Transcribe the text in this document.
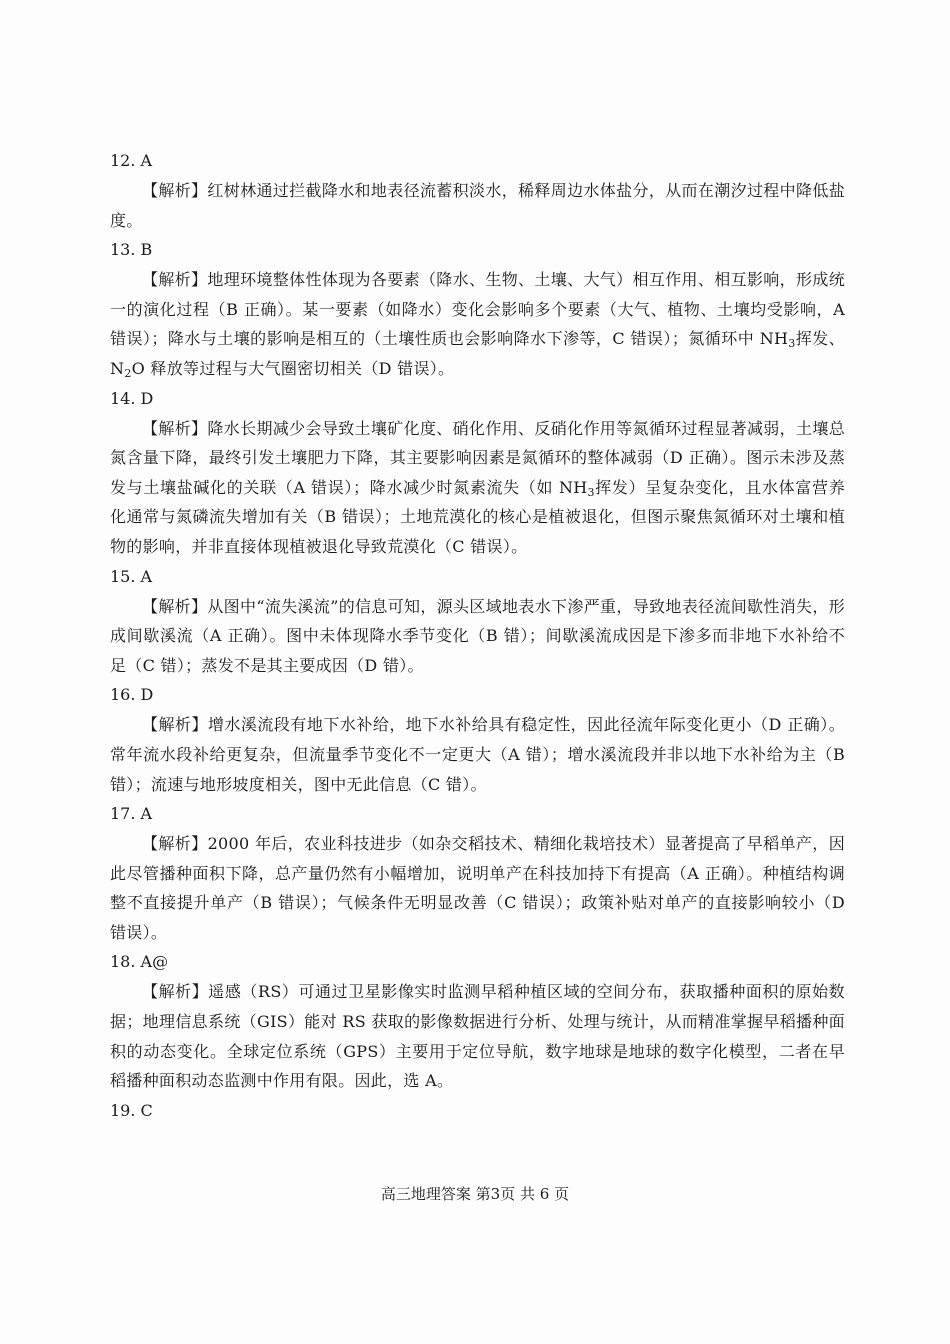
12. A

【解析】红树林通过拦截降水和地表径流蓄积淡水，稀释周边水体盐分，从而在潮汐过程中降低盐度。

13. B

【解析】地理环境整体性体现为各要素（降水、生物、土壤、大气）相互作用、相互影响，形成统一的演化过程（B 正确）。某一要素（如降水）变化会影响多个要素（大气、植物、土壤均受影响，A 错误）；降水与土壤的影响是相互的（土壤性质也会影响降水下渗等，C 错误）；氮循环中 $NH_3$挥发、$N_2O$ 释放等过程与大气圈密切相关（D 错误）。

14. D

【解析】降水长期减少会导致土壤矿化度、硝化作用、反硝化作用等氮循环过程显著减弱，土壤总氮含量下降，最终引发土壤肥力下降，其主要影响因素是氮循环的整体减弱（D 正确）。图示未涉及蒸发与土壤盐碱化的关联（A 错误）；降水减少时氮素流失（如 $NH_3$挥发）呈复杂变化，且水体富营养化通常与氮磷流失增加有关（B 错误）；土地荒漠化的核心是植被退化，但图示聚焦氮循环对土壤和植物的影响，并非直接体现植被退化导致荒漠化（C 错误）。

15. A

【解析】从图中“流失溪流”的信息可知，源头区域地表水下渗严重，导致地表径流间歇性消失，形成间歇溪流（A 正确）。图中未体现降水季节变化（B 错）；间歇溪流成因是下渗多而非地下水补给不足（C 错）；蒸发不是其主要成因（D 错）。

16. D

【解析】增水溪流段有地下水补给，地下水补给具有稳定性，因此径流年际变化更小（D 正确）。常年流水段补给更复杂，但流量季节变化不一定更大（A 错）；增水溪流段并非以地下水补给为主（B 错）；流速与地形坡度相关，图中无此信息（C 错）。

17. A

【解析】2000 年后，农业科技进步（如杂交稻技术、精细化栽培技术）显著提高了早稻单产，因此尽管播种面积下降，总产量仍然有小幅增加，说明单产在科技加持下有提高（A 正确）。种植结构调整不直接提升单产（B 错误）；气候条件无明显改善（C 错误）；政策补贴对单产的直接影响较小（D 错误）。

18. A@

【解析】遥感（RS）可通过卫星影像实时监测早稻种植区域的空间分布，获取播种面积的原始数据；地理信息系统（GIS）能对 RS 获取的影像数据进行分析、处理与统计，从而精准掌握早稻播种面积的动态变化。全球定位系统（GPS）主要用于定位导航，数字地球是地球的数字化模型，二者在早稻播种面积动态监测中作用有限。因此，选 A。

19. C

高三地理答案 第3页 共 6 页
